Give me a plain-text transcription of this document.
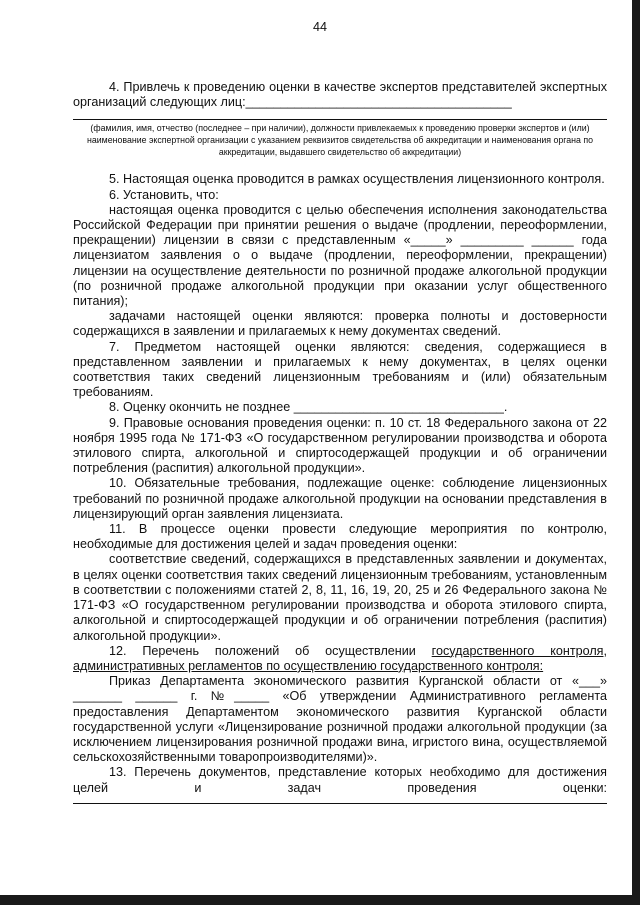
44

4. Привлечь к проведению оценки в качестве экспертов представителей экспертных организаций следующих лиц:______________________________________

(фамилия, имя, отчество (последнее – при наличии), должности привлекаемых к проведению проверки экспертов и (или) наименование экспертной организации с указанием реквизитов свидетельства об аккредитации и наименования органа по аккредитации, выдавшего свидетельство об аккредитации)

5. Настоящая оценка проводится в рамках осуществления лицензионного контроля.

6. Установить, что:

настоящая оценка проводится с целью обеспечения исполнения законодательства Российской Федерации при принятии решения о выдаче (продлении, переоформлении, прекращении) лицензии в связи с представленным «_____» _________ ______ года лицензиатом заявления о о выдаче (продлении, переоформлении, прекращении) лицензии на осуществление деятельности по розничной продаже алкогольной продукции (по розничной продаже алкогольной продукции при оказании услуг общественного питания);

задачами настоящей оценки являются: проверка полноты и достоверности содержащихся в заявлении и прилагаемых к нему документах сведений.

7. Предметом настоящей оценки являются: сведения, содержащиеся в представленном заявлении и прилагаемых к нему документах, в целях оценки соответствия таких сведений лицензионным требованиям и (или) обязательным требованиям.

8. Оценку окончить не позднее ______________________________.

9. Правовые основания проведения оценки: п. 10 ст. 18 Федерального закона от 22 ноября 1995 года № 171-ФЗ «О государственном регулировании производства и оборота этилового спирта, алкогольной и спиртосодержащей продукции и об ограничении потребления (распития) алкогольной продукции».

10. Обязательные требования, подлежащие оценке: соблюдение лицензионных требований по розничной продаже алкогольной продукции на основании представления в лицензирующий орган заявления лицензиата.

11. В процессе оценки провести следующие мероприятия по контролю, необходимые для достижения целей и задач проведения оценки:

соответствие сведений, содержащихся в представленных заявлении и документах, в целях оценки соответствия таких сведений лицензионным требованиям, установленным в соответствии с положениями статей 2, 8, 11, 16, 19, 20, 25 и 26 Федерального закона № 171-ФЗ «О государственном регулировании производства и оборота этилового спирта, алкогольной и спиртосодержащей продукции и об ограничении потребления (распития) алкогольной продукции».

12. Перечень положений об осуществлении государственного контроля, административных регламентов по осуществлению государственного контроля:

Приказ Департамента экономического развития Курганской области от «___» _______ ______ г. №_____ «Об утверждении Административного регламента предоставления Департаментом экономического развития Курганской области государственной услуги «Лицензирование розничной продажи алкогольной продукции (за исключением лицензирования розничной продажи вина, игристого вина, осуществляемой сельскохозяйственными товаропроизводителями)».

13. Перечень документов, представление которых необходимо для достижения целей и задач проведения оценки:
